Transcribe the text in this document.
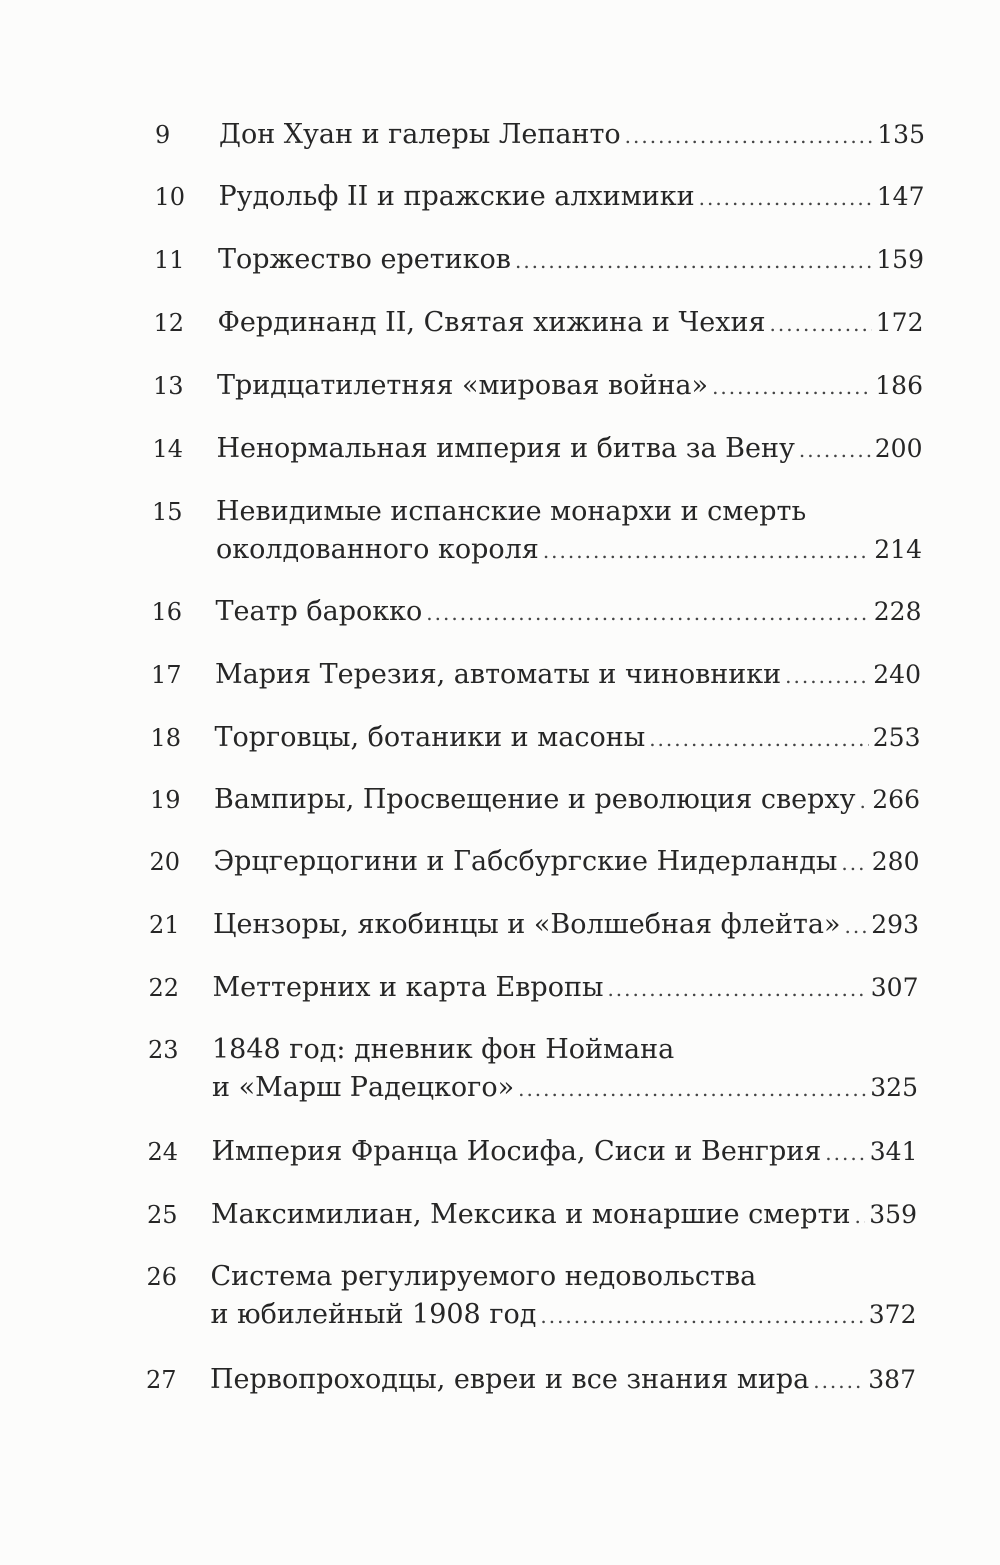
9	Дон Хуан и галеры Лепанто .....	135
10	Рудольф II и пражские алхимики .....	147
11	Торжество еретиков .....	159
12	Фердинанд II, Святая хижина и Чехия .....	172
13	Тридцатилетняя «мировая война» .....	186
14	Ненормальная империя и битва за Вену .....	200
15	Невидимые испанские монархи и смерть
околдованного короля .....	214
16	Театр барокко .....	228
17	Мария Терезия, автоматы и чиновники .....	240
18	Торговцы, ботаники и масоны .....	253
19	Вампиры, Просвещение и революция сверху ..... 266
20	Эрцгерцогини и Габсбургские Нидерланды ..... 280
21	Цензоры, якобинцы и «Волшебная флейта» ..... 293
22	Меттерних и карта Европы .....	307
23	1848 год: дневник фон Ноймана
и «Марш Радецкого» .....	325
24	Империя Франца Иосифа, Сиси и Венгрия ..... 341
25	Максимилиан, Мексика и монаршие смерти ..... 359
26	Система регулируемого недовольства
и юбилейный 1908 год .....	372
27	Первопроходцы, евреи и все знания мира ..... 387
